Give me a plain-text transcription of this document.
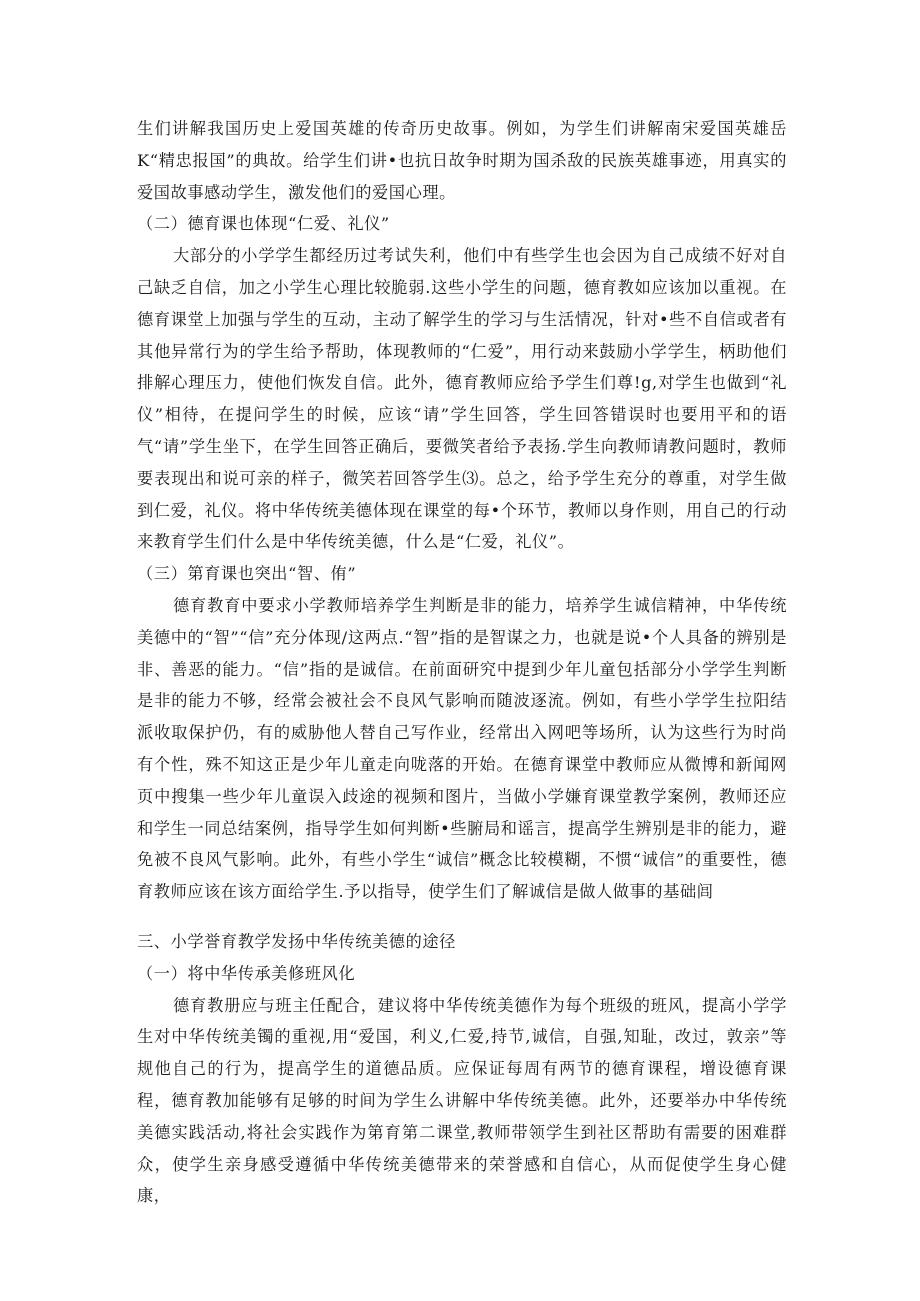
生们讲解我国历史上爱国英雄的传奇历史故事。例如，为学生们讲解南宋爱国英雄岳K“精忠报国”的典故。给学生们讲•也抗日故争时期为国杀敌的民族英雄事迹，用真实的爱国故事感动学生，激发他们的爱国心理。

（二）德育课也体现“仁爱、礼仪”

大部分的小学学生都经历过考试失利，他们中有些学生也会因为自己成绩不好对自己缺乏自信，加之小学生心理比较脆弱.这些小学生的问题，德育教如应该加以重视。在德育课堂上加强与学生的互动，主动了解学生的学习与生活情况，针对•些不自信或者有其他异常行为的学生给予帮助，体现教师的“仁爱”，用行动来鼓励小学学生，柄助他们排解心理压力，使他们恢发自信。此外，德育教师应给予学生们尊!g,对学生也做到“礼仪”相待，在提问学生的时候，应该“请”学生回答，学生回答错误时也要用平和的语气“请”学生坐下，在学生回答正确后，要微笑者给予表扬.学生向教师请教问题时，教师要表现出和说可亲的样子，微笑若回答学生⑶。总之，给予学生充分的尊重，对学生做到仁爱，礼仪。将中华传统美德体现在课堂的每•个环节，教师以身作则，用自己的行动来教育学生们什么是中华传统美德，什么是“仁爱，礼仪”。

（三）第育课也突出“智、侑”

德育教育中要求小学教师培养学生判断是非的能力，培养学生诚信精神，中华传统美德中的“智”“信”充分体现/这两点.“智”指的是智谋之力，也就是说•个人具备的辨别是非、善恶的能力。“信”指的是诚信。在前面研究中提到少年儿童包括部分小学学生判断是非的能力不够，经常会被社会不良风气影响而随波逐流。例如，有些小学学生拉阳结派收取保护仍，有的威胁他人替自己写作业，经常出入网吧等场所，认为这些行为时尚有个性，殊不知这正是少年儿童走向咙落的开始。在德育课堂中教师应从微博和新闻网页中搜集一些少年儿童误入歧途的视频和图片，当做小学嫌育课堂教学案例，教师还应和学生一同总结案例，指导学生如何判断•些腑局和谣言，提高学生辨别是非的能力，避免被不良风气影响。此外，有些小学生“诚信”概念比较模糊，不惯“诚信”的重要性，德育教师应该在该方面给学生.予以指导，使学生们了解诚信是做人做事的基础闾

三、小学誉育教学发扬中华传统美德的途径
（一）将中华传承美修班风化

德育教册应与班主任配合，建议将中华传统美德作为每个班级的班风，提高小学学生对中华传统美镯的重视,用“爱国，利义,仁爱,持节,诚信，自强,知耻，改过，敦亲”等规他自己的行为，提高学生的道德品质。应保证每周有两节的德育课程，增设德育课程，德育教加能够有足够的时间为学生么讲解中华传统美德。此外，还要举办中华传统美德实践活动,将社会实践作为第育第二课堂,教师带领学生到社区帮助有需要的困难群众，使学生亲身感受遵循中华传统美德带来的荣誉感和自信心，从而促使学生身心健康，
